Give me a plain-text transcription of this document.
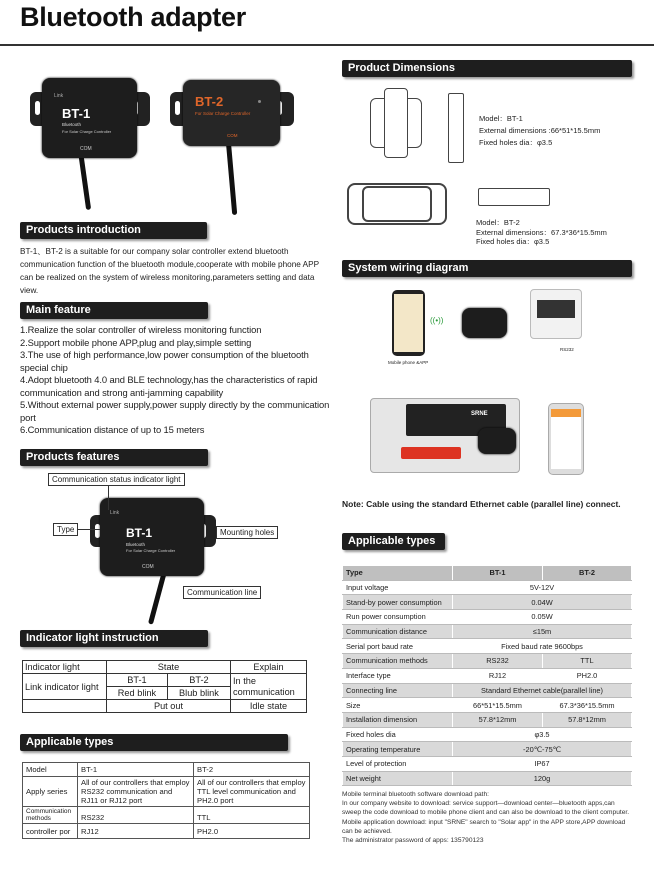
Bluetooth adapter
Link
BT-1
Bluetooth
For Solar Charge Controller
COM
BT-2
For Solar Charge Controller
COM
Products introduction
BT-1、BT-2 is a suitable for our company solar controller extend bluetooth communication function of the bluetooth module,cooperate with mobile phone APP can be realized on the system of wireless monitoring,parameters setting and data view.
Main feature
1.Realize the solar controller of wireless monitoring function
2.Support mobile phone APP,plug and play,simple setting
3.The use of high performance,low power consumption of the bluetooth special chip
4.Adopt bluetooth 4.0 and BLE technology,has the characteristics of rapid communication and strong anti-jamming capability
5.Without external power supply,power supply directly by the communication port
6.Communication distance of up to 15 meters
Products features
BT-1
Bluetooth
For Solar Charge Controller
COM
Link
Communication status indicator light
Type	Mounting holes
Communication line
Indicator light instruction
Indicator light	State		Explain
Link indicator light	BT-1	BT-2	In the communication
	Red blink	Blub blink	
	Put out		Idle state
Applicable types
Model	BT-1	BT-2
Apply series	All of our controllers that employ RS232 communication and RJ11 or RJ12 port	All of our controllers that employ TTL level communication and PH2.0 port
Communication methods	RS232	TTL
controller por	RJ12	PH2.0
Product Dimensions
Model：BT-1
External dimensions :66*51*15.5mm
Fixed holes dia：φ3.5
Model：BT-2
External dimensions：67.3*36*15.5mm
Fixed holes dia：φ3.5
System wiring diagram
Mobile phone &APP
((•))
RS232
SRNE
Note: Cable using the standard Ethernet cable (parallel line) connect.
Applicable types
Type	BT-1	BT-2
Input voltage	5V-12V	
Stand-by power consumption	0.04W	
Run power consumption	0.05W	
Communication distance	≤15m	
Serial port baud rate	Fixed baud rate 9600bps	
Communication methods	RS232	TTL
Interface type	RJ12	PH2.0
Connecting line	Standard Ethernet cable(parallel line)	
Size	66*51*15.5mm	67.3*36*15.5mm
Installation dimension	57.8*12mm	57.8*12mm
Fixed holes dia	φ3.5	
Operating temperature	-20℃-75℃	
Level of protection	IP67	
Net weight	120g	
Mobile terminal bluetooth software download path:
In our company website to download: service support—download center—bluetooth apps,can sweep the code download to mobile phone client and can also be download to the client computer.
Mobile application download: input "SRNE" search to "Solar app" in the APP store,APP download can be achieved.
The administrator password of apps: 135790123
